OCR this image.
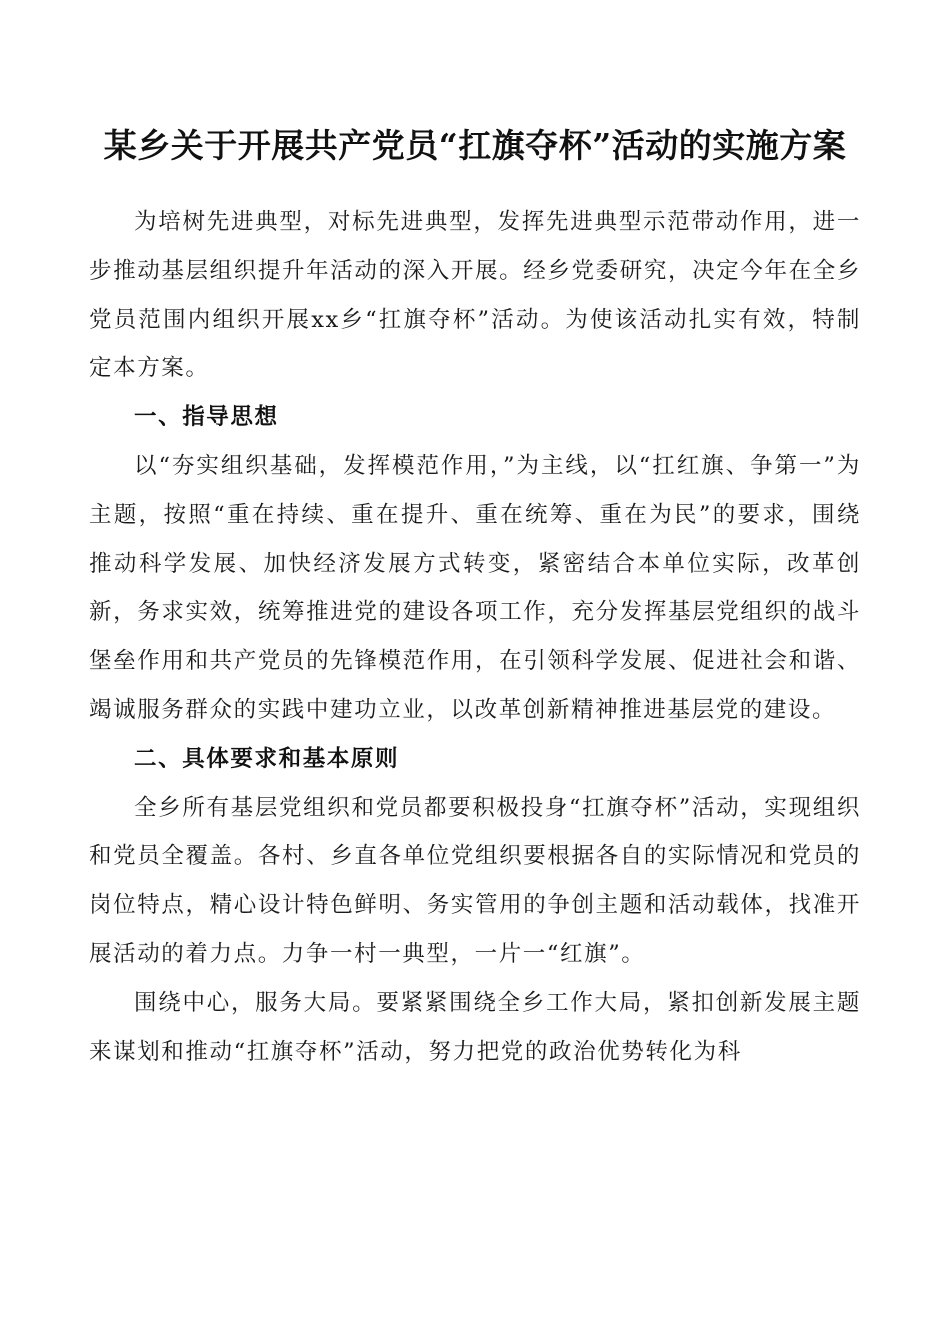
某乡关于开展共产党员“扛旗夺杯”活动的实施方案

为培树先进典型，对标先进典型，发挥先进典型示范带动作用，进一步推动基层组织提升年活动的深入开展。经乡党委研究，决定今年在全乡党员范围内组织开展xx乡“扛旗夺杯”活动。为使该活动扎实有效，特制定本方案。

一、指导思想

以“夯实组织基础，发挥模范作用，”为主线，以“扛红旗、争第一”为主题，按照“重在持续、重在提升、重在统筹、重在为民”的要求，围绕推动科学发展、加快经济发展方式转变，紧密结合本单位实际，改革创新，务求实效，统筹推进党的建设各项工作，充分发挥基层党组织的战斗堡垒作用和共产党员的先锋模范作用，在引领科学发展、促进社会和谐、竭诚服务群众的实践中建功立业，以改革创新精神推进基层党的建设。

二、具体要求和基本原则

全乡所有基层党组织和党员都要积极投身“扛旗夺杯”活动，实现组织和党员全覆盖。各村、乡直各单位党组织要根据各自的实际情况和党员的岗位特点，精心设计特色鲜明、务实管用的争创主题和活动载体，找准开展活动的着力点。力争一村一典型，一片一“红旗”。

围绕中心，服务大局。要紧紧围绕全乡工作大局，紧扣创新发展主题来谋划和推动“扛旗夺杯”活动，努力把党的政治优势转化为科
